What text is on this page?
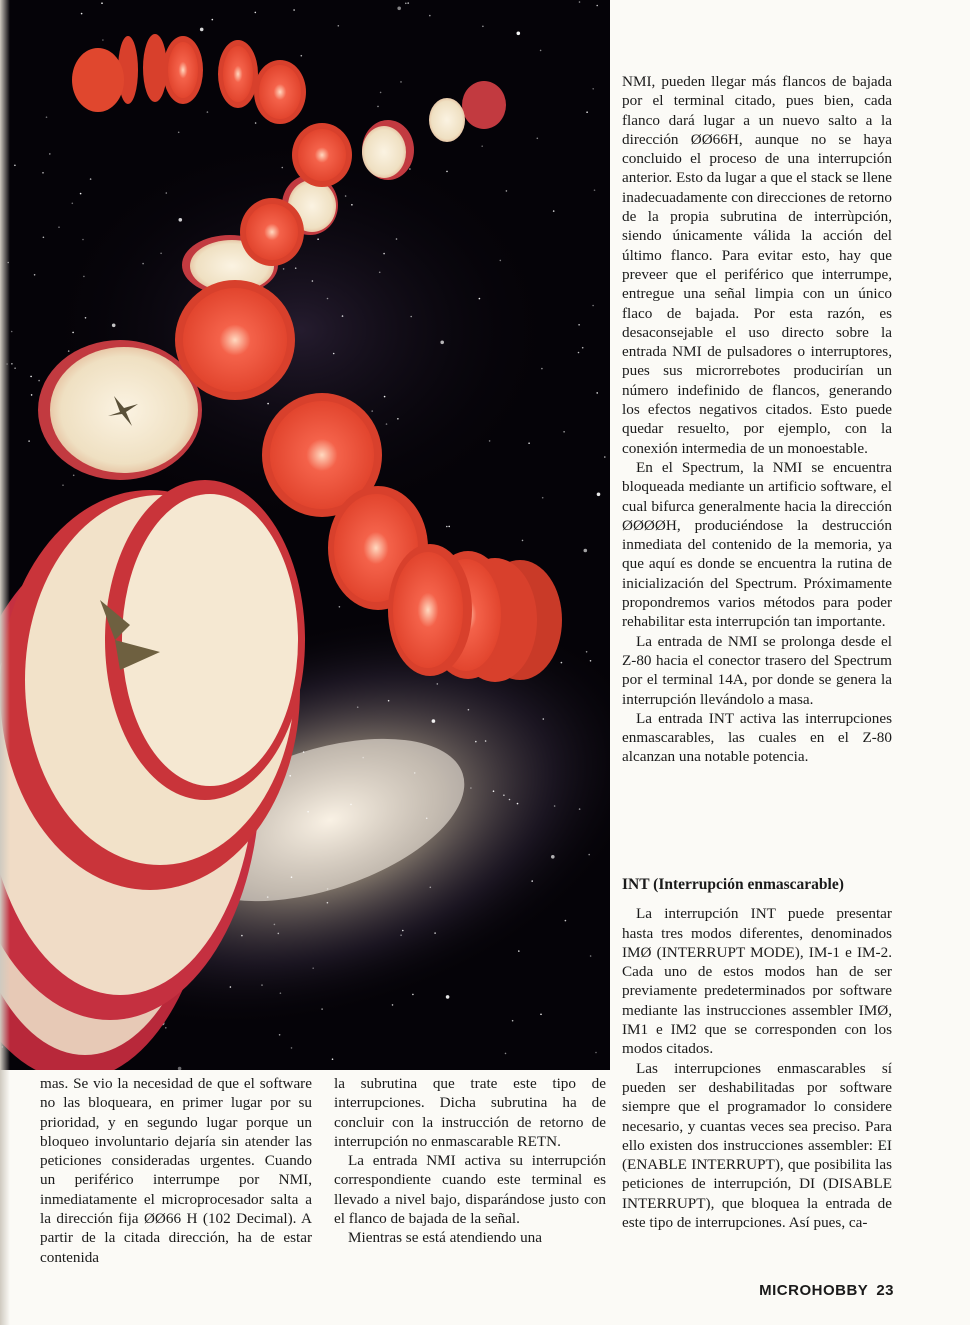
NMI, pueden llegar más flancos de bajada por el terminal citado, pues bien, cada flanco dará lugar a un nuevo salto a la dirección ØØ66H, aunque no se haya concluido el proceso de una interrupción anterior. Esto da lugar a que el stack se llene inadecuadamente con direcciones de retorno de la propia subrutina de interrùpción, siendo únicamente válida la acción del último flanco. Para evitar esto, hay que preveer que el periférico que interrumpe, entregue una señal limpia con un único flaco de bajada. Por esta razón, es desaconsejable el uso directo sobre la entrada NMI de pulsadores o interruptores, pues sus microrrebotes producirían un número indefinido de flancos, generando los efectos negativos citados. Esto puede quedar resuelto, por ejemplo, con la conexión intermedia de un monoestable.

En el Spectrum, la NMI se encuentra bloqueada mediante un artificio software, el cual bifurca generalmente hacia la dirección ØØØØH, produciéndose la destrucción inmediata del contenido de la memoria, ya que aquí es donde se encuentra la rutina de inicialización del Spectrum. Próximamente propondremos varios métodos para poder rehabilitar esta interrupción tan importante.

La entrada de NMI se prolonga desde el Z-80 hacia el conector trasero del Spectrum por el terminal 14A, por donde se genera la interrupción llevándolo a masa.

La entrada INT activa las interrupciones enmascarables, las cuales en el Z-80 alcanzan una notable potencia.

INT (Interrupción enmascarable)

La interrupción INT puede presentar hasta tres modos diferentes, denominados IMØ (INTERRUPT MODE), IM-1 e IM-2. Cada uno de estos modos han de ser previamente predeterminados por software mediante las instrucciones assembler IMØ, IM1 e IM2 que se corresponden con los modos citados.

Las interrupciones enmascarables sí pueden ser deshabilitadas por software siempre que el programador lo considere necesario, y cuantas veces sea preciso. Para ello existen dos instrucciones assembler: EI (ENABLE INTERRUPT), que posibilita las peticiones de interrupción, DI (DISABLE INTERRUPT), que bloquea la entrada de este tipo de interrupciones. Así pues, ca-

mas. Se vio la necesidad de que el software no las bloqueara, en primer lugar por su prioridad, y en segundo lugar porque un bloqueo involuntario dejaría sin atender las peticiones consideradas urgentes. Cuando un periférico interrumpe por NMI, inmediatamente el microprocesador salta a la dirección fija ØØ66 H (102 Decimal). A partir de la citada dirección, ha de estar contenida

la subrutina que trate este tipo de interrupciones. Dicha subrutina ha de concluir con la instrucción de retorno de interrupción no enmascarable RETN.

La entrada NMI activa su interrupción correspondiente cuando este terminal es llevado a nivel bajo, disparándose justo con el flanco de bajada de la señal.

Mientras se está atendiendo una

MICROHOBBY 23
